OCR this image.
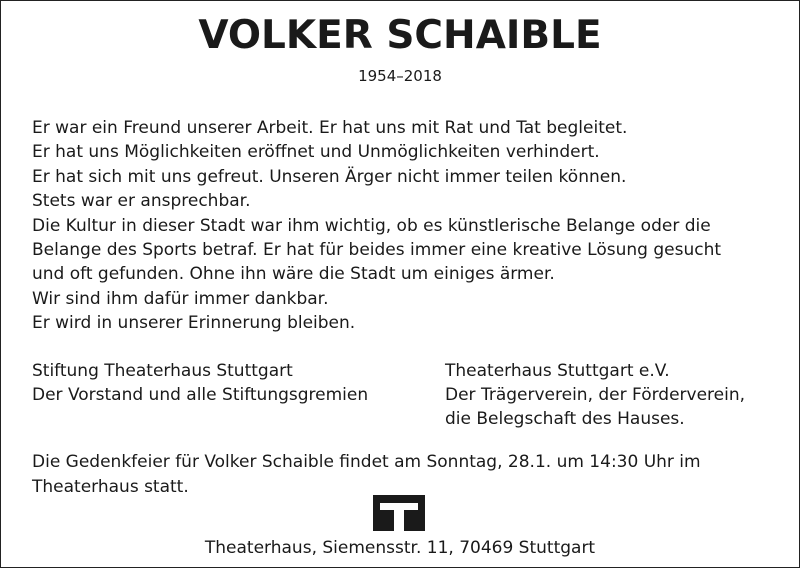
VOLKER SCHAIBLE
1954–2018
Er war ein Freund unserer Arbeit. Er hat uns mit Rat und Tat begleitet.
Er hat uns Möglichkeiten eröffnet und Unmöglichkeiten verhindert.
Er hat sich mit uns gefreut. Unseren Ärger nicht immer teilen können.
Stets war er ansprechbar.
Die Kultur in dieser Stadt war ihm wichtig, ob es künstlerische Belange oder die
Belange des Sports betraf. Er hat für beides immer eine kreative Lösung gesucht
und oft gefunden. Ohne ihn wäre die Stadt um einiges ärmer.
Wir sind ihm dafür immer dankbar.
Er wird in unserer Erinnerung bleiben.
Stiftung Theaterhaus Stuttgart
Der Vorstand und alle Stiftungsgremien
Theaterhaus Stuttgart e.V.
Der Trägerverein, der Förderverein,
die Belegschaft des Hauses.
Die Gedenkfeier für Volker Schaible findet am Sonntag, 28.1. um 14:30 Uhr im
Theaterhaus statt.
Theaterhaus, Siemensstr. 11, 70469 Stuttgart
